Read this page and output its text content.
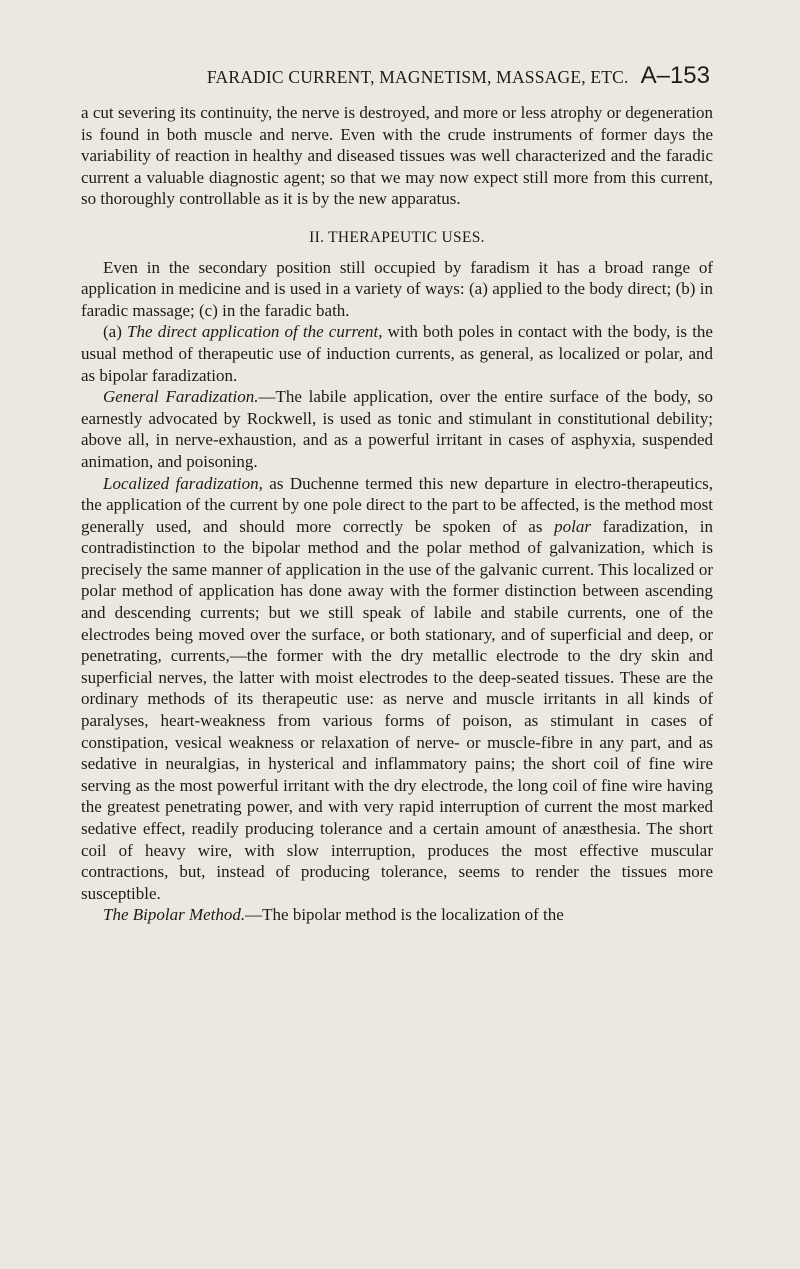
FARADIC CURRENT, MAGNETISM, MASSAGE, ETC. A–153

a cut severing its continuity, the nerve is destroyed, and more or less atrophy or degeneration is found in both muscle and nerve. Even with the crude instruments of former days the variability of reaction in healthy and diseased tissues was well characterized and the faradic current a valuable diagnostic agent; so that we may now expect still more from this current, so thoroughly controllable as it is by the new apparatus.

II. THERAPEUTIC USES.

Even in the secondary position still occupied by faradism it has a broad range of application in medicine and is used in a variety of ways: (a) applied to the body direct; (b) in faradic massage; (c) in the faradic bath.

(a) The direct application of the current, with both poles in contact with the body, is the usual method of therapeutic use of induction currents, as general, as localized or polar, and as bipolar faradization.

General Faradization.—The labile application, over the entire surface of the body, so earnestly advocated by Rockwell, is used as tonic and stimulant in constitutional debility; above all, in nerve-exhaustion, and as a powerful irritant in cases of asphyxia, suspended animation, and poisoning.

Localized faradization, as Duchenne termed this new departure in electro-therapeutics, the application of the current by one pole direct to the part to be affected, is the method most generally used, and should more correctly be spoken of as polar faradization, in contradistinction to the bipolar method and the polar method of galvanization, which is precisely the same manner of application in the use of the galvanic current. This localized or polar method of application has done away with the former distinction between ascending and descending currents; but we still speak of labile and stabile currents, one of the electrodes being moved over the surface, or both stationary, and of superficial and deep, or penetrating, currents,—the former with the dry metallic electrode to the dry skin and superficial nerves, the latter with moist electrodes to the deep-seated tissues. These are the ordinary methods of its therapeutic use: as nerve and muscle irritants in all kinds of paralyses, heart-weakness from various forms of poison, as stimulant in cases of constipation, vesical weakness or relaxation of nerve- or muscle-fibre in any part, and as sedative in neuralgias, in hysterical and inflammatory pains; the short coil of fine wire serving as the most powerful irritant with the dry electrode, the long coil of fine wire having the greatest penetrating power, and with very rapid interruption of current the most marked sedative effect, readily producing tolerance and a certain amount of anæsthesia. The short coil of heavy wire, with slow interruption, produces the most effective muscular contractions, but, instead of producing tolerance, seems to render the tissues more susceptible.

The Bipolar Method.—The bipolar method is the localization of the
